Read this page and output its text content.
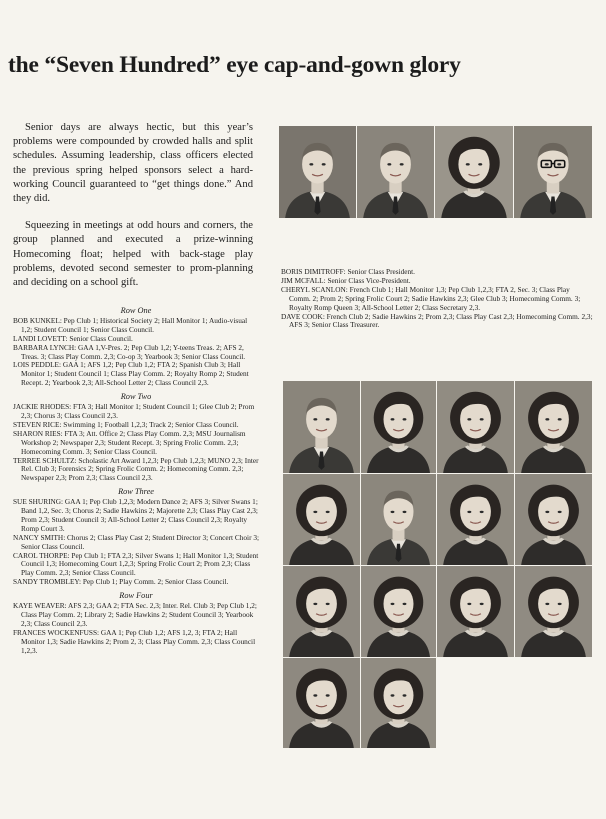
the “Seven Hundred” eye cap-and-gown glory

Senior days are always hectic, but this year’s problems were compounded by crowded halls and split schedules. Assuming leadership, class officers elected the previous spring helped sponsors select a hard-working Council guaranteed to “get things done.” And they did.

Squeezing in meetings at odd hours and corners, the group planned and executed a prize-winning Homecoming float; helped with back-stage play problems, devoted second semester to prom-planning and deciding on a school gift.

Row One

BOB KUNKEL: Pep Club 1; Historical Society 2; Hall Monitor 1; Audio-visual 1,2; Student Council 1; Senior Class Council.

LANDI LOVETT: Senior Class Council.

BARBARA LYNCH: GAA 1,V-Pres. 2; Pep Club 1,2; Y-teens Treas. 2; AFS 2, Treas. 3; Class Play Comm. 2,3; Co-op 3; Yearbook 3; Senior Class Council.

LOIS PEDDLE: GAA 1; AFS 1,2; Pep Club 1,2; FTA 2; Spanish Club 3; Hall Monitor 1; Student Council 1; Class Play Comm. 2; Royalty Romp 2; Student Recept. 2; Yearbook 2,3; All-School Letter 2; Class Council 2,3.

Row Two

JACKIE RHODES: FTA 3; Hall Monitor 1; Student Council 1; Glee Club 2; Prom 2,3; Chorus 3; Class Council 2,3.

STEVEN RICE: Swimming 1; Football 1,2,3; Track 2; Senior Class Council.

SHARON RIES: FTA 3; Att. Office 2; Class Play Comm. 2,3; MSU Journalism Workshop 2; Newspaper 2,3; Student Recept. 3; Spring Frolic Comm. 2,3; Homecoming Comm. 3; Senior Class Council.

TERREE SCHULTZ: Scholastic Art Award 1,2,3; Pep Club 1,2,3; MUNO 2,3; Inter Rel. Club 3; Forensics 2; Spring Frolic Comm. 2; Homecoming Comm. 2,3; Newspaper 2,3; Prom 2,3; Class Council 2,3.

Row Three

SUE SHURING: GAA 1; Pep Club 1,2,3; Modern Dance 2; AFS 3; Silver Swans 1; Band 1,2, Sec. 3; Chorus 2; Sadie Hawkins 2; Majorette 2,3; Class Play Cast 2,3; Prom 2,3; Student Council 3; All-School Letter 2; Class Council 2,3; Royalty Romp Court 3.

NANCY SMITH: Chorus 2; Class Play Cast 2; Student Director 3; Concert Choir 3; Senior Class Council.

CAROL THORPE: Pep Club 1; FTA 2,3; Silver Swans 1; Hall Monitor 1,3; Student Council 1,3; Homecoming Court 1,2,3; Spring Frolic Court 2; Prom 2,3; Class Play Comm. 2,3; Senior Class Council.

SANDY TROMBLEY: Pep Club 1; Play Comm. 2; Senior Class Council.

Row Four

KAYE WEAVER: AFS 2,3; GAA 2; FTA Sec. 2,3; Inter. Rel. Club 3; Pep Club 1,2; Class Play Comm. 2; Library 2; Sadie Hawkins 2; Student Council 3; Yearbook 2,3; Class Council 2,3.

FRANCES WOCKENFUSS: GAA 1; Pep Club 1,2; AFS 1,2, 3; FTA 2; Hall Monitor 1,3; Sadie Hawkins 2; Prom 2, 3; Class Play Comm. 2,3; Class Council 1,2,3.

BORIS DIMITROFF: Senior Class President.

JIM MCFALL: Senior Class Vice-President.

CHERYL SCANLON: French Club 1; Hall Monitor 1,3; Pep Club 1,2,3; FTA 2, Sec. 3; Class Play Comm. 2; Prom 2; Spring Frolic Court 2; Sadie Hawkins 2,3; Glee Club 3; Homecoming Comm. 3; Royalty Romp Queen 3; All-School Letter 2; Class Secretary 2,3.

DAVE COOK: French Club 2; Sadie Hawkins 2; Prom 2,3; Class Play Cast 2,3; Homecoming Comm. 2,3; AFS 3; Senior Class Treasurer.
